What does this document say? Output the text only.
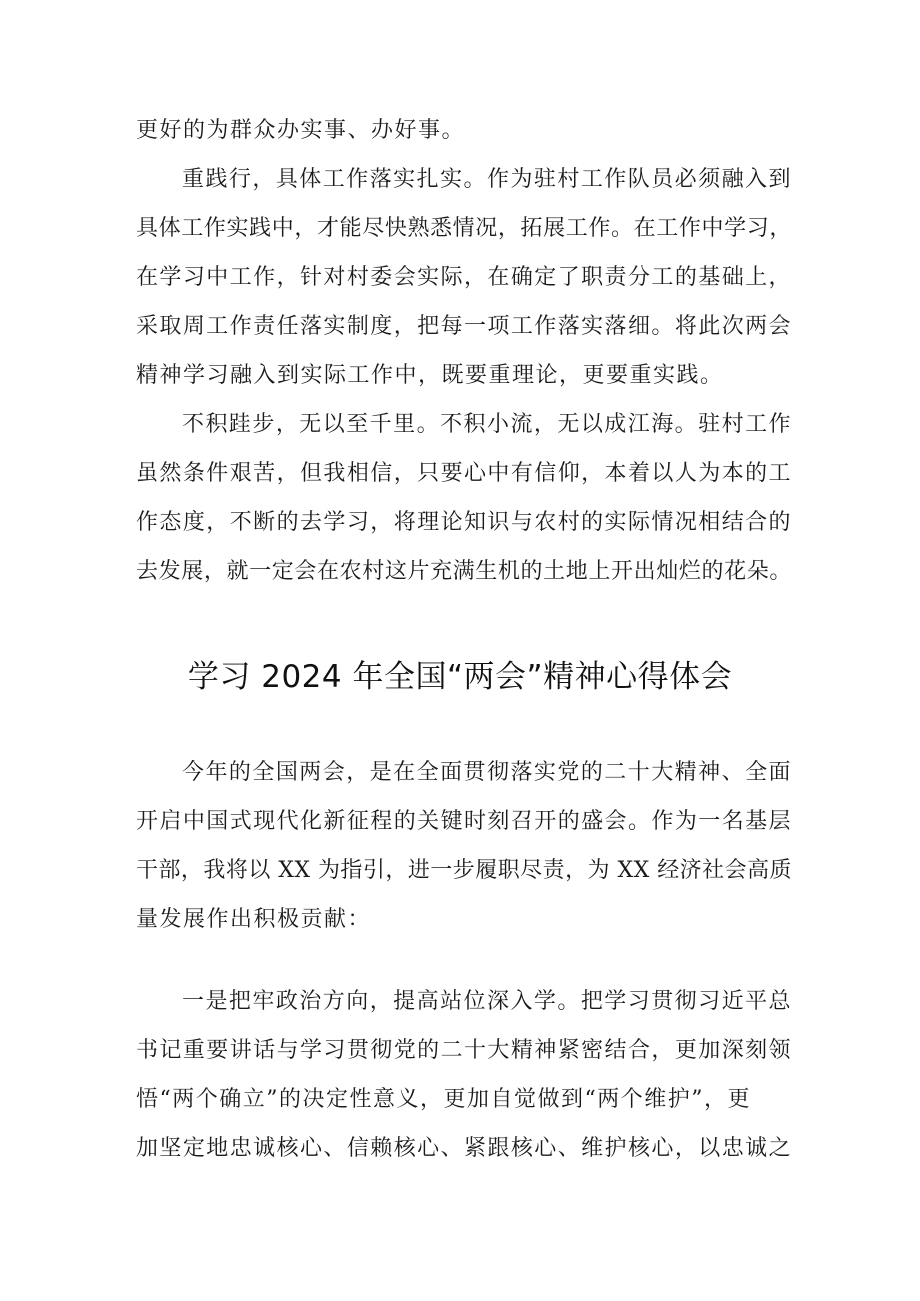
更好的为群众办实事、办好事。
重践行，具体工作落实扎实。作为驻村工作队员必须融入到
具体工作实践中，才能尽快熟悉情况，拓展工作。在工作中学习，
在学习中工作，针对村委会实际，在确定了职责分工的基础上，
采取周工作责任落实制度，把每一项工作落实落细。将此次两会
精神学习融入到实际工作中，既要重理论，更要重实践。
不积跬步，无以至千里。不积小流，无以成江海。驻村工作
虽然条件艰苦，但我相信，只要心中有信仰，本着以人为本的工
作态度，不断的去学习，将理论知识与农村的实际情况相结合的
去发展，就一定会在农村这片充满生机的土地上开出灿烂的花朵。
学习 2024 年全国“两会”精神心得体会
今年的全国两会，是在全面贯彻落实党的二十大精神、全面
开启中国式现代化新征程的关键时刻召开的盛会。作为一名基层
干部，我将以 XX 为指引，进一步履职尽责，为 XX 经济社会高质
量发展作出积极贡献：
一是把牢政治方向，提高站位深入学。把学习贯彻习近平总
书记重要讲话与学习贯彻党的二十大精神紧密结合，更加深刻领
悟“两个确立”的决定性意义，更加自觉做到“两个维护”，更
加坚定地忠诚核心、信赖核心、紧跟核心、维护核心，以忠诚之
